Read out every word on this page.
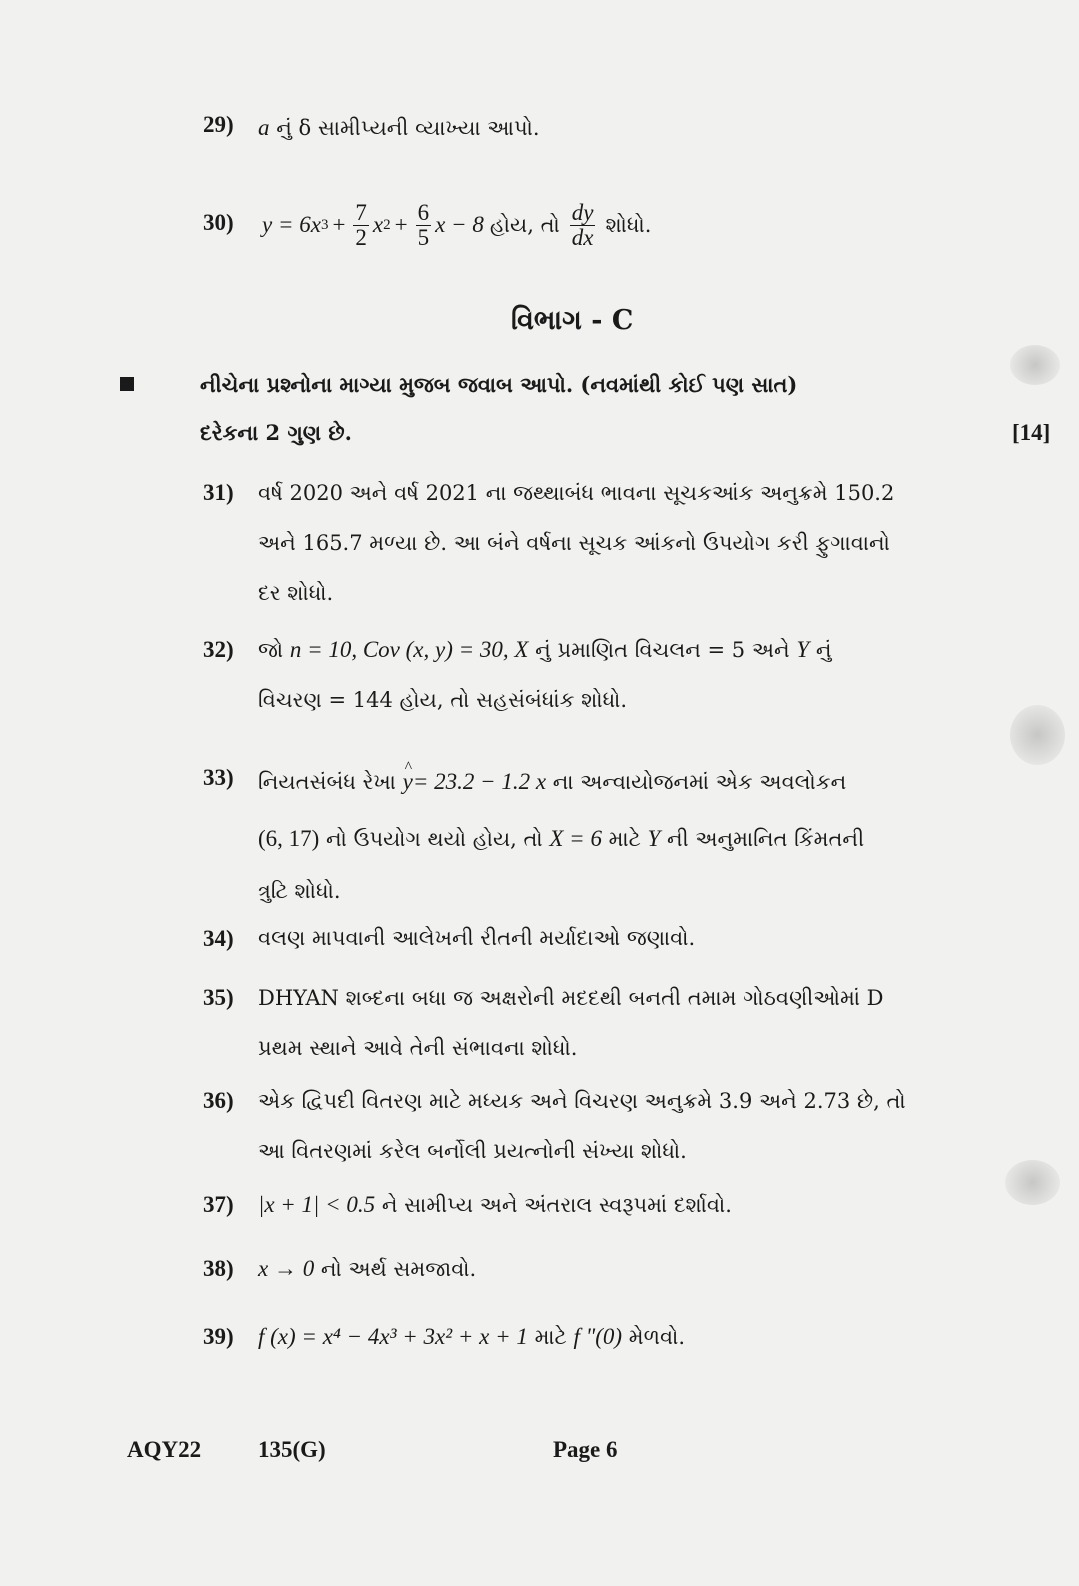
29) a નું δ સામીપ્યની વ્યાખ્યા આપો.
30) y = 6x $3 + \frac{7}{2}$ x $2 + \frac{6}{5}$ x − 8 હોય, તો $\frac{dy}{dx}$ શોધો.
વિભાગ - C
નીચેના પ્રશ્નોના માગ્યા મુજબ જવાબ આપો. (નવમાંથી કોઈ પણ સાત)
દરેકના 2 ગુણ છે.	[14]
31) વર્ષ 2020 અને વર્ષ 2021 ના જથ્થાબંધ ભાવના સૂચકઆંક અનુક્રમે 150.2
અને 165.7 મળ્યા છે. આ બંને વર્ષના સૂચક આંકનો ઉપયોગ કરી ફુગાવાનો
દર શોધો.
32) જો n = 10, Cov (x, y) = 30, X નું પ્રમાણિત વિચલન = 5 અને Y નું
વિચરણ = 144 હોય, તો સહસંબંધાંક શોધો.
33) નિયતસંબંધ રેખા ^ y= 23.2 − 1.2 x ના અન્વાયોજનમાં એક અવલોકન
(6, 17) નો ઉપયોગ થયો હોય, તો X = 6 માટે Y ની અનુમાનિત કિંમતની
ત્રુટિ શોધો.
34) વલણ માપવાની આલેખની રીતની મર્યાદાઓ જણાવો.
35) DHYAN શબ્દના બધા જ અક્ષરોની મદદથી બનતી તમામ ગોઠવણીઓમાં D
પ્રથમ સ્થાને આવે તેની સંભાવના શોધો.
36) એક દ્વિપદી વિતરણ માટે મધ્યક અને વિચરણ અનુક્રમે 3.9 અને 2.73 છે, તો
આ વિતરણમાં કરેલ બર્નોલી પ્રયત્નોની સંખ્યા શોધો.
37) |x + 1| < 0.5 ને સામીપ્ય અને અંતરાલ સ્વરૂપમાં દર્શાવો.
38) x → 0 નો અર્થ સમજાવો.
39) f (x) = x⁴ − 4x³ + 3x² + x + 1 માટે f "(0) મેળવો.
AQY22 135(G)	Page 6
